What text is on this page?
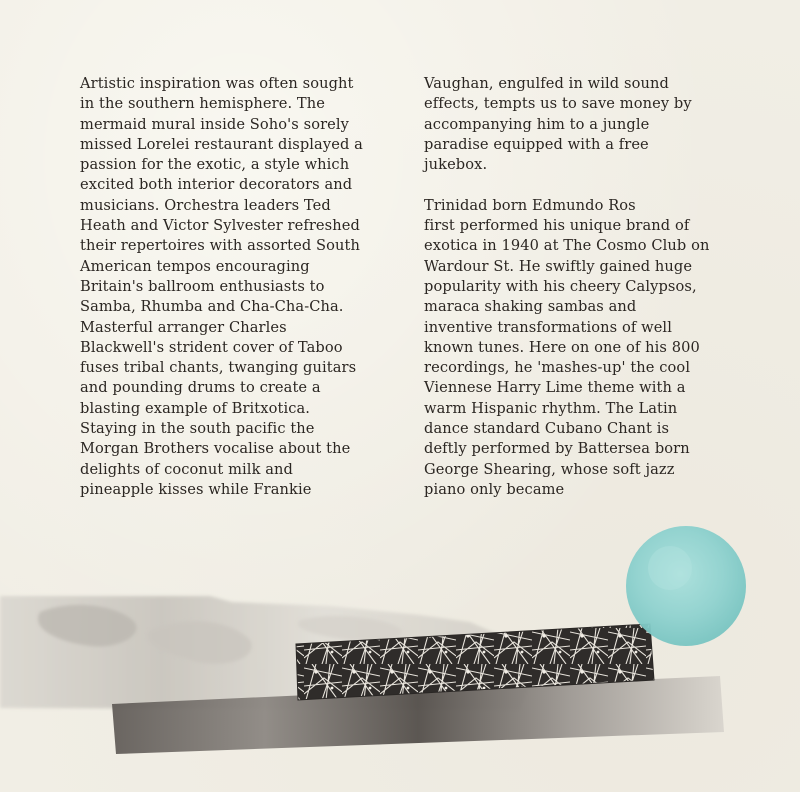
Artistic inspiration was often sought
in the southern hemisphere. The
mermaid mural inside Soho's sorely
missed Lorelei restaurant displayed a
passion for the exotic, a style which
excited both interior decorators and
musicians. Orchestra leaders Ted
Heath and Victor Sylvester refreshed
their repertoires with assorted South
American tempos encouraging
Britain's ballroom enthusiasts to
Samba, Rhumba and Cha-Cha-Cha.
Masterful arranger Charles
Blackwell's strident cover of Taboo
fuses tribal chants, twanging guitars
and pounding drums to create a
blasting example of Britxotica.
Staying in the south pacific the
Morgan Brothers vocalise about the
delights of coconut milk and
pineapple kisses while Frankie

Vaughan, engulfed in wild sound
effects, tempts us to save money by
accompanying him to a jungle
paradise equipped with a free
jukebox.

Trinidad born Edmundo Ros
first performed his unique brand of
exotica in 1940 at The Cosmo Club on
Wardour St. He swiftly gained huge
popularity with his cheery Calypsos,
maraca shaking sambas and
inventive transformations of well
known tunes. Here on one of his 800
recordings, he 'mashes-up' the cool
Viennese Harry Lime theme with a
warm Hispanic rhythm. The Latin
dance standard Cubano Chant is
deftly performed by Battersea born
George Shearing, whose soft jazz
piano only became
